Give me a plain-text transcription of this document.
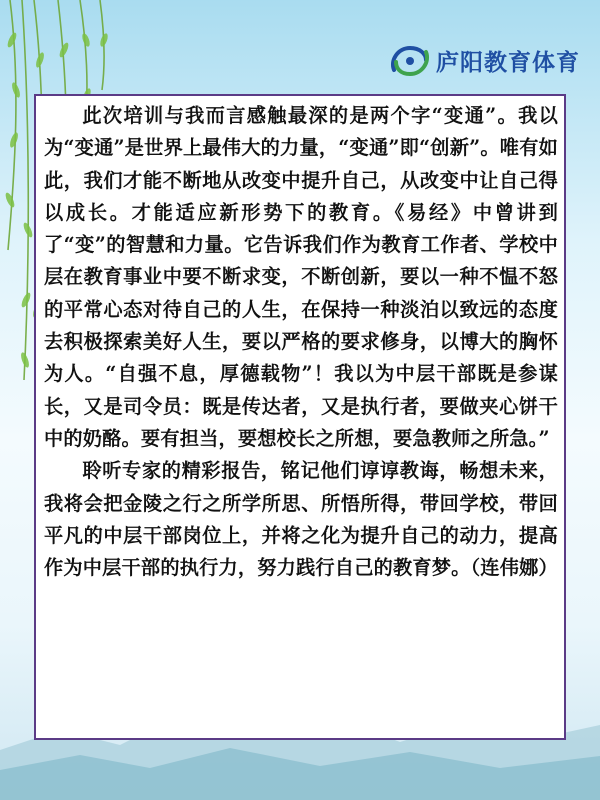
庐阳教育体育

此次培训与我而言感触最深的是两个字“变通”。我以为“变通”是世界上最伟大的力量，“变通”即“创新”。唯有如此，我们才能不断地从改变中提升自己，从改变中让自己得以成长。才能适应新形势下的教育。《易经》中曾讲到了“变”的智慧和力量。它告诉我们作为教育工作者、学校中层在教育事业中要不断求变，不断创新，要以一种不愠不怒的平常心态对待自己的人生，在保持一种淡泊以致远的态度去积极探索美好人生，要以严格的要求修身，以博大的胸怀为人。“自强不息，厚德载物”！我以为中层干部既是参谋长，又是司令员：既是传达者，又是执行者，要做夹心饼干中的奶酪。要有担当，要想校长之所想，要急教师之所急。”

聆听专家的精彩报告，铭记他们谆谆教诲，畅想未来，我将会把金陵之行之所学所思、所悟所得，带回学校，带回平凡的中层干部岗位上，并将之化为提升自己的动力，提高作为中层干部的执行力，努力践行自己的教育梦。（连伟娜）
